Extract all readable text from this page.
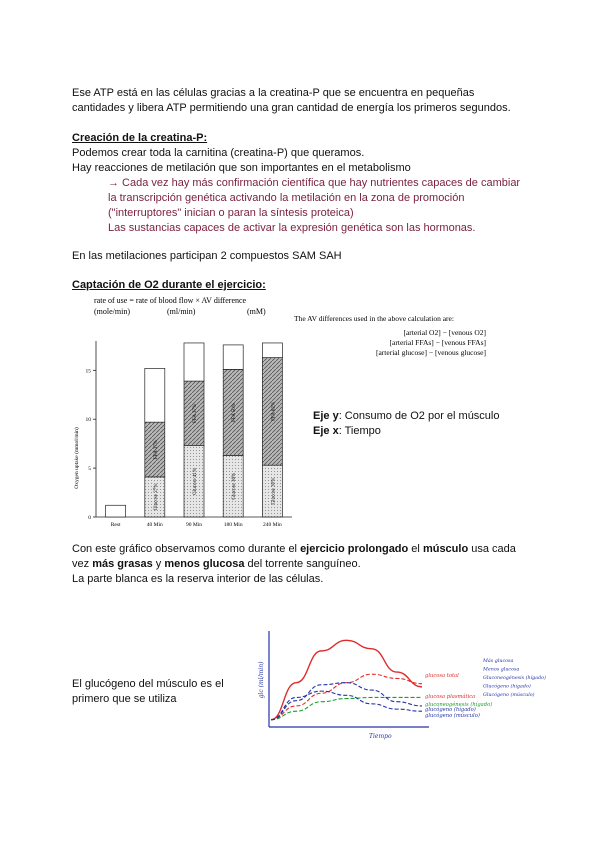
Ese ATP está en las células gracias a la creatina-P que se encuentra en pequeñas
cantidades y libera ATP permitiendo una gran cantidad de energía los primeros segundos.
Creación de la creatina-P:
Podemos crear toda la carnitina (creatina-P) que queramos.
Hay reacciones de metilación que son importantes en el metabolismo
→ Cada vez hay más confirmación científica que hay nutrientes capaces de cambiar
la transcripción genética activando la metilación en la zona de promoción
("interruptores" inician o paran la síntesis proteica)
Las sustancias capaces de activar la expresión genética son las hormonas.
En las metilaciones participan 2 compuestos SAM SAH
Captación de O2 durante el ejercicio:
rate of use = rate of blood flow × AV difference
(mole/min)	(ml/min)	(mM)
The AV differences used in the above calculation are:
[arterial O2] − [venous O2]
[arterial FFAs] − [venous FFAs]
[arterial glucose] − [venous glucose]
Oxygen uptake (mmol/min)
0
5
10
15
Rest	40 Min
Glucose 27%
FFA 37%
90 Min
Glucose 41%
FFA 37%
180 Min
Glucose 36%
FFA 50%
240 Min
Glucose 30%
FFA 62%	Eje y: Consumo de O2 por el músculo
Eje x: Tiempo
Con este gráfico observamos como durante el ejercicio prolongado el músculo usa cada
vez más grasas y menos glucosa del torrente sanguíneo.
La parte blanca es la reserva interior de las células.
glc (ml/min)
Tiempo
glucosa total
glucosa plasmática
gluconeogénesis (hígado)
glucógeno (hígado)
glucógeno (músculo)
Más glucosa
Menos glucosa
Gluconeogénesis (hígado)
Glucógeno (hígado)
Glucógeno (músculo)
El glucógeno del músculo es el
primero que se utiliza
